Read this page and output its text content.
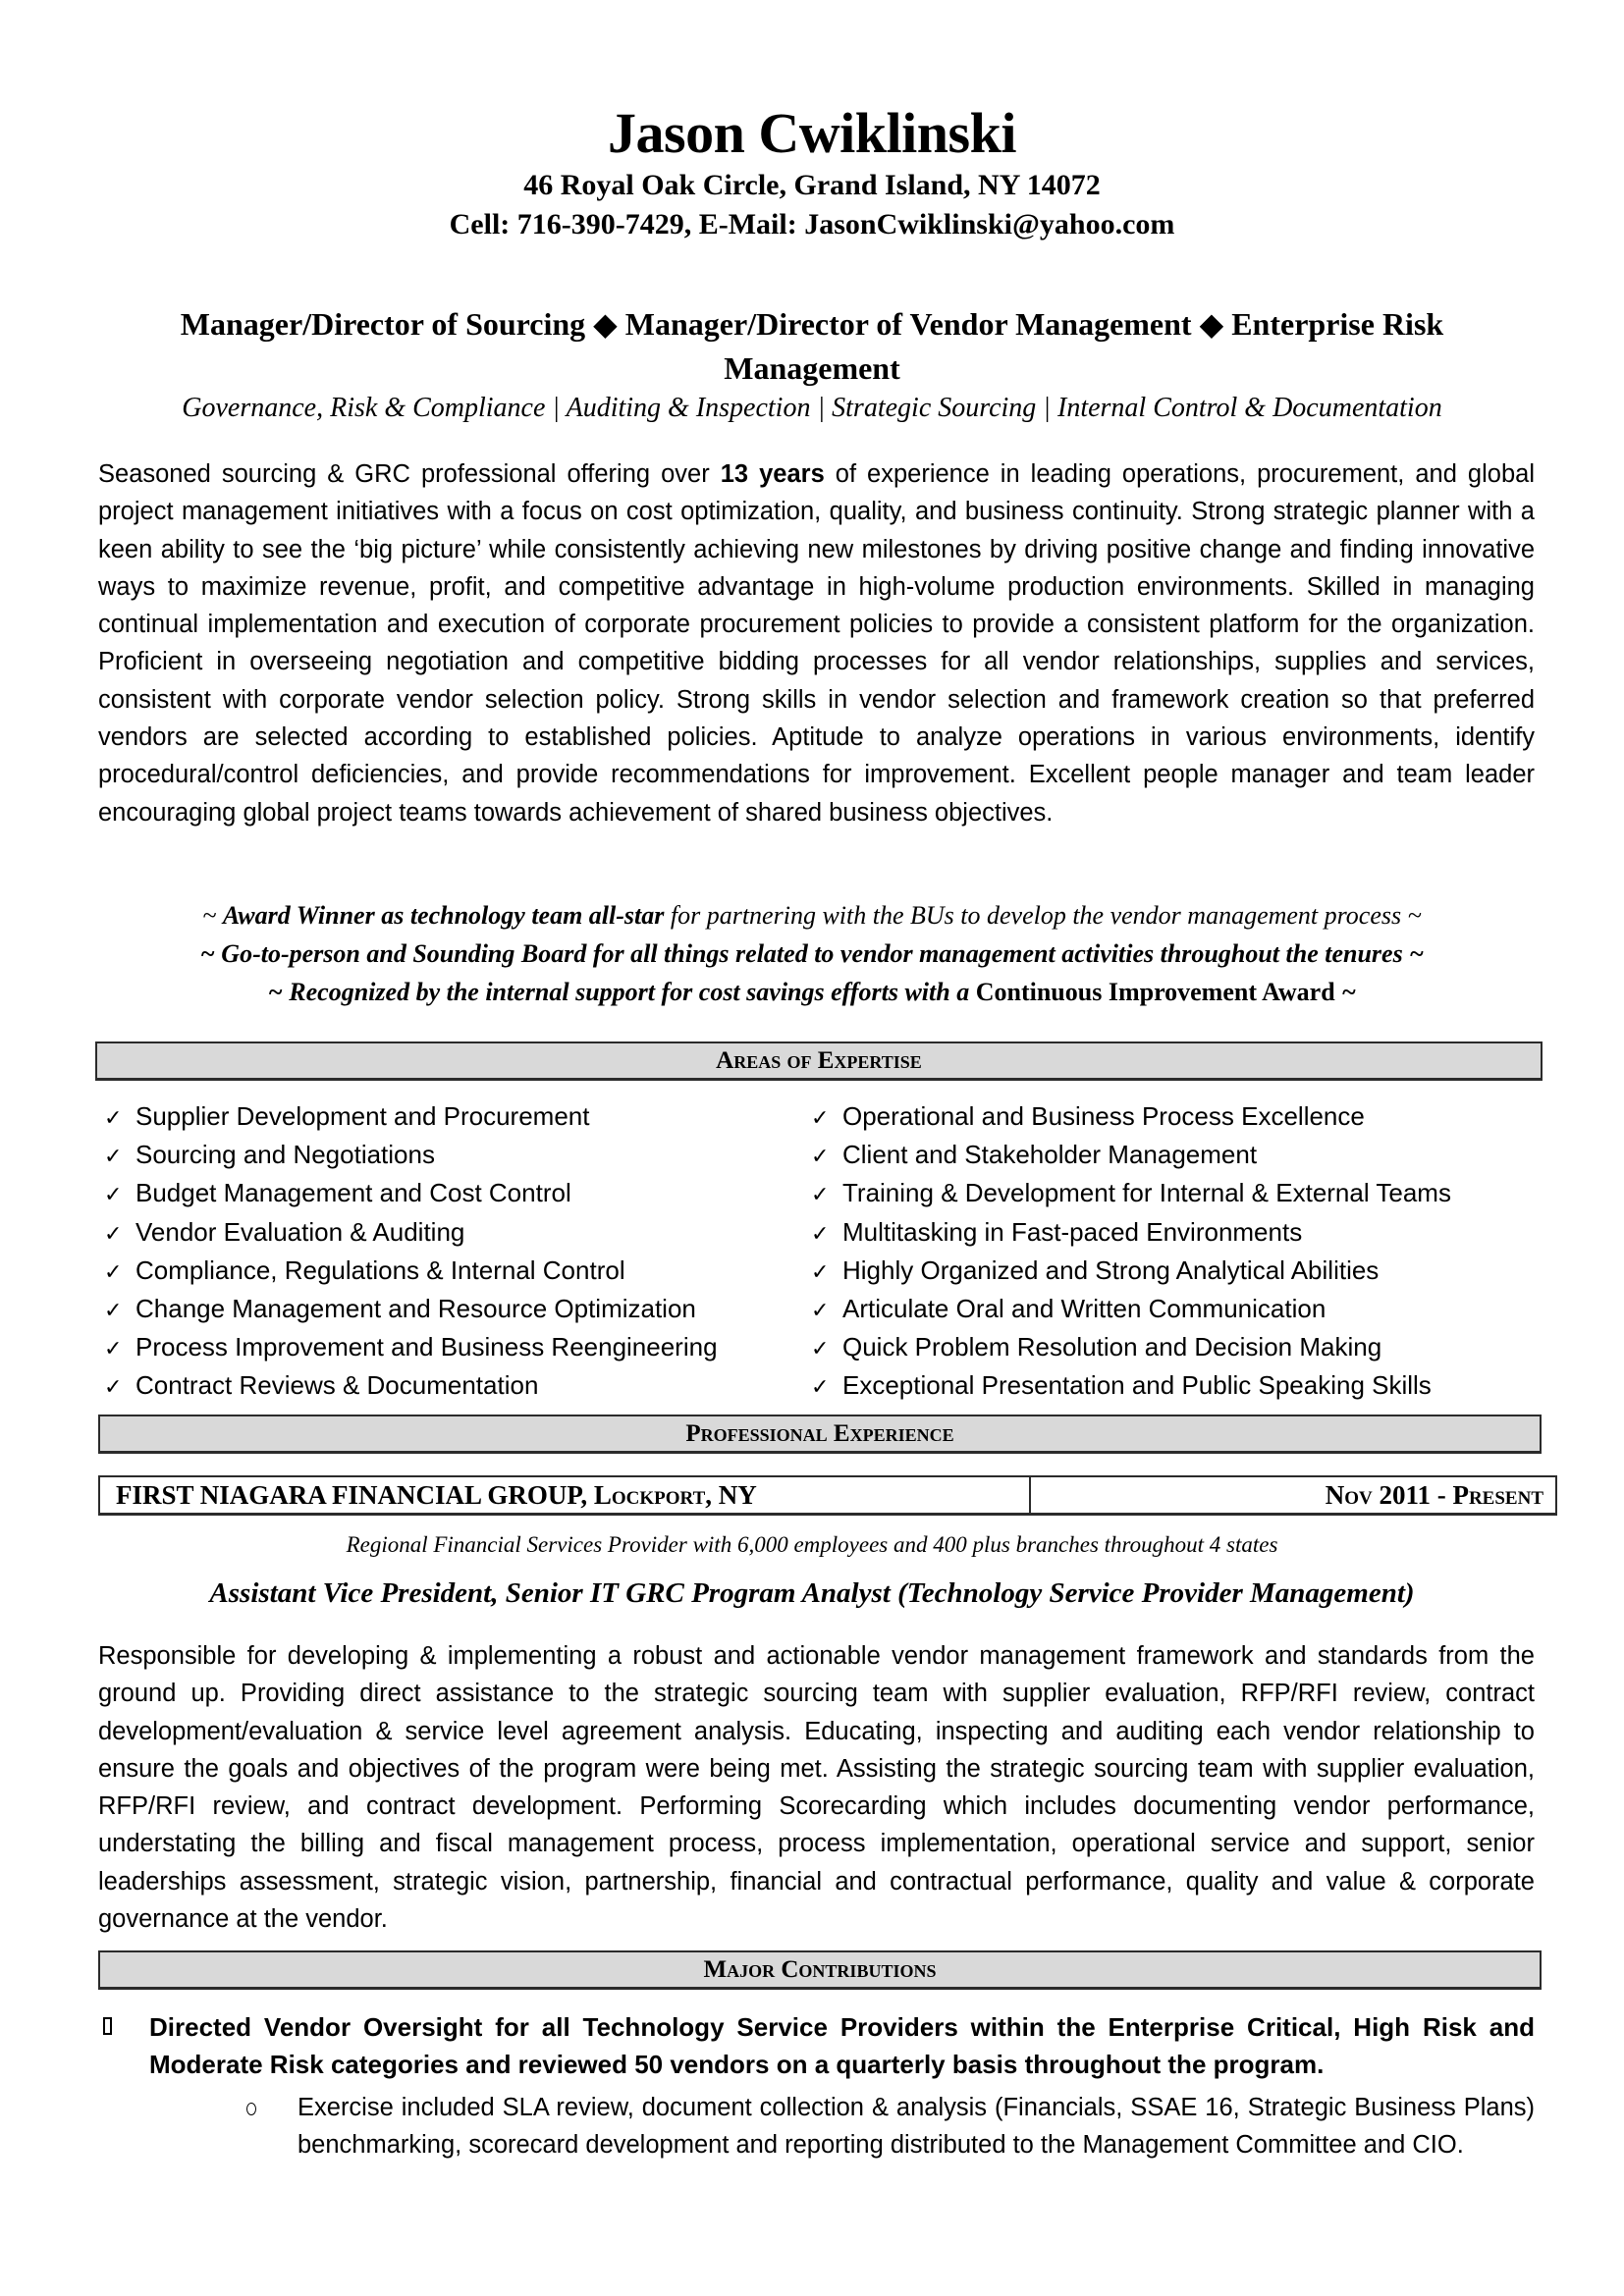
Jason Cwiklinski
46 Royal Oak Circle, Grand Island, NY 14072
Cell: 716-390-7429, E-Mail: JasonCwiklinski@yahoo.com
Manager/Director of Sourcing ◆ Manager/Director of Vendor Management ◆ Enterprise Risk Management
Governance, Risk & Compliance | Auditing & Inspection | Strategic Sourcing | Internal Control & Documentation
Seasoned sourcing & GRC professional offering over 13 years of experience in leading operations, procurement, and global project management initiatives with a focus on cost optimization, quality, and business continuity. Strong strategic planner with a keen ability to see the ‘big picture’ while consistently achieving new milestones by driving positive change and finding innovative ways to maximize revenue, profit, and competitive advantage in high-volume production environments. Skilled in managing continual implementation and execution of corporate procurement policies to provide a consistent platform for the organization. Proficient in overseeing negotiation and competitive bidding processes for all vendor relationships, supplies and services, consistent with corporate vendor selection policy. Strong skills in vendor selection and framework creation so that preferred vendors are selected according to established policies. Aptitude to analyze operations in various environments, identify procedural/control deficiencies, and provide recommendations for improvement. Excellent people manager and team leader encouraging global project teams towards achievement of shared business objectives.
~ Award Winner as technology team all-star for partnering with the BUs to develop the vendor management process ~
~ Go-to-person and Sounding Board for all things related to vendor management activities throughout the tenures ~
~ Recognized by the internal support for cost savings efforts with a Continuous Improvement Award ~
Areas of Expertise
✓ Supplier Development and Procurement
✓ Sourcing and Negotiations
✓ Budget Management and Cost Control
✓ Vendor Evaluation & Auditing
✓ Compliance, Regulations & Internal Control
✓ Change Management and Resource Optimization
✓ Process Improvement and Business Reengineering
✓ Contract Reviews & Documentation
✓ Operational and Business Process Excellence
✓ Client and Stakeholder Management
✓ Training & Development for Internal & External Teams
✓ Multitasking in Fast-paced Environments
✓ Highly Organized and Strong Analytical Abilities
✓ Articulate Oral and Written Communication
✓ Quick Problem Resolution and Decision Making
✓ Exceptional Presentation and Public Speaking Skills
Professional Experience
FIRST NIAGARA FINANCIAL GROUP, Lockport, NY	Nov 2011 - Present
Regional Financial Services Provider with 6,000 employees and 400 plus branches throughout 4 states
Assistant Vice President, Senior IT GRC Program Analyst (Technology Service Provider Management)
Responsible for developing & implementing a robust and actionable vendor management framework and standards from the ground up. Providing direct assistance to the strategic sourcing team with supplier evaluation, RFP/RFI review, contract development/evaluation & service level agreement analysis. Educating, inspecting and auditing each vendor relationship to ensure the goals and objectives of the program were being met. Assisting the strategic sourcing team with supplier evaluation, RFP/RFI review, and contract development. Performing Scorecarding which includes documenting vendor performance, understating the billing and fiscal management process, process implementation, operational service and support, senior leaderships assessment, strategic vision, partnership, financial and contractual performance, quality and value & corporate governance at the vendor.
Major Contributions
Directed Vendor Oversight for all Technology Service Providers within the Enterprise Critical, High Risk and Moderate Risk categories and reviewed 50 vendors on a quarterly basis throughout the program.
Exercise included SLA review, document collection & analysis (Financials, SSAE 16, Strategic Business Plans) benchmarking, scorecard development and reporting distributed to the Management Committee and CIO.
